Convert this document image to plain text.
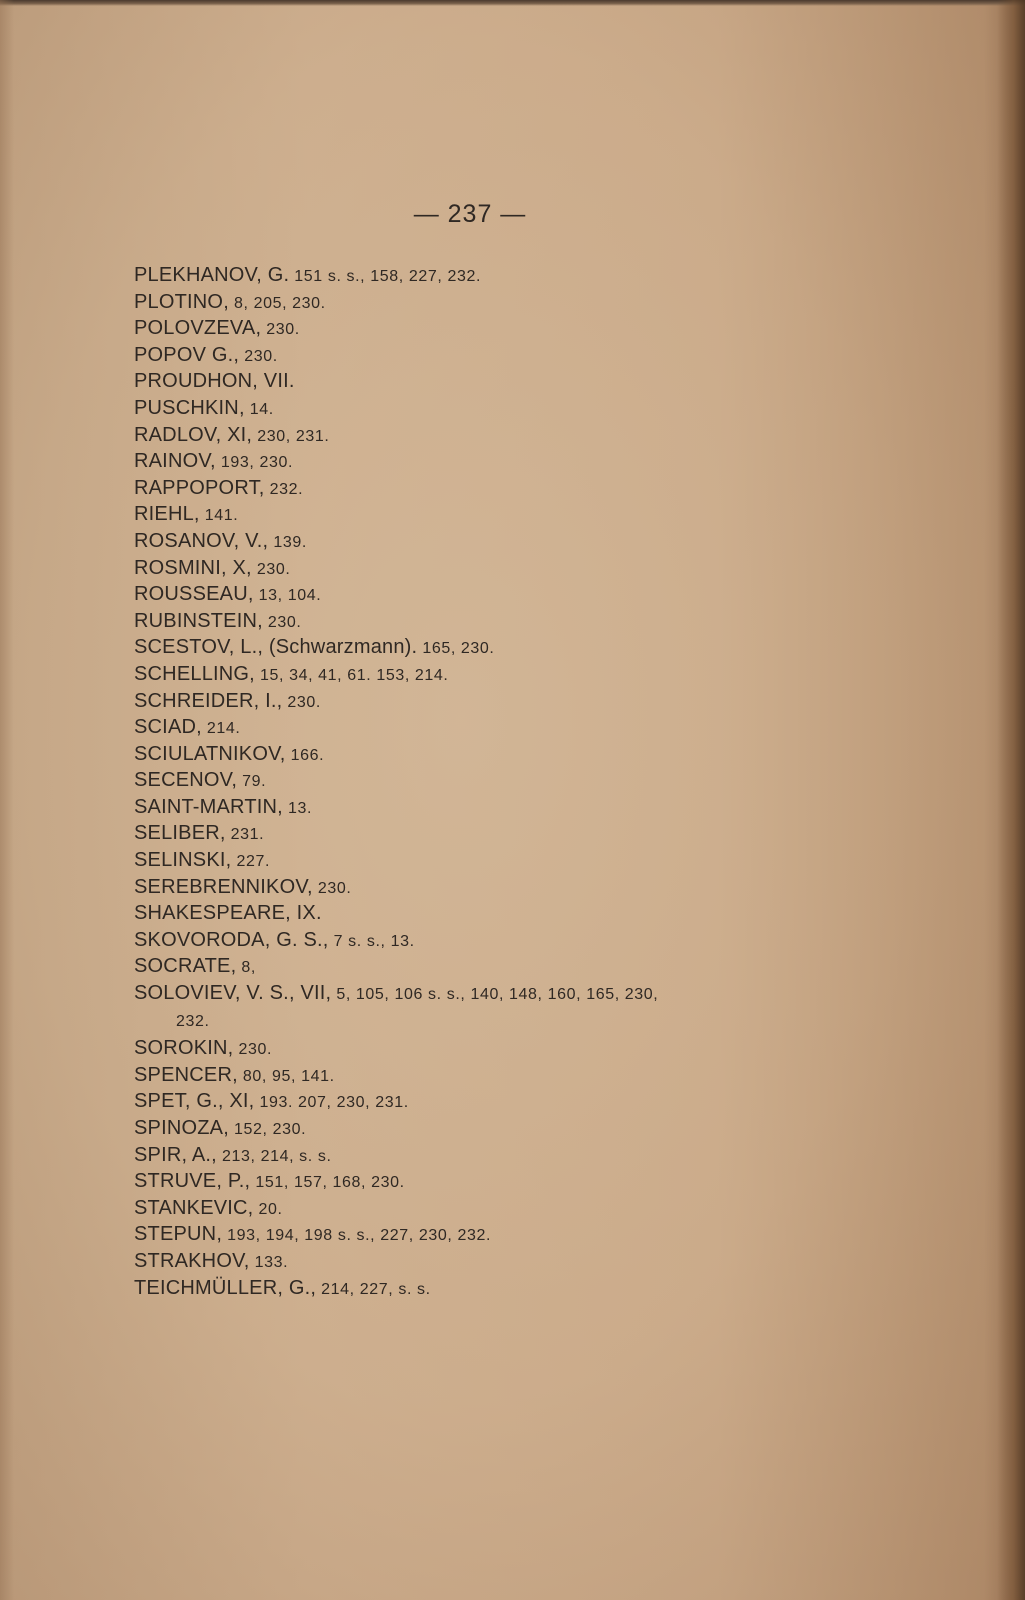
— 237 —
PLEKHANOV, G. 151 s. s., 158, 227, 232.
PLOTINO, 8, 205, 230.
POLOVZEVA, 230.
POPOV G., 230.
PROUDHON, VII.
PUSCHKIN, 14.
RADLOV, XI, 230, 231.
RAINOV, 193, 230.
RAPPOPORT, 232.
RIEHL, 141.
ROSANOV, V., 139.
ROSMINI, X, 230.
ROUSSEAU, 13, 104.
RUBINSTEIN, 230.
SCESTOV, L., (Schwarzmann). 165, 230.
SCHELLING, 15, 34, 41, 61. 153, 214.
SCHREIDER, I., 230.
SCIAD, 214.
SCIULATNIKOV, 166.
SECENOV, 79.
SAINT-MARTIN, 13.
SELIBER, 231.
SELINSKI, 227.
SEREBRENNIKOV, 230.
SHAKESPEARE, IX.
SKOVORODA, G. S., 7 s. s., 13.
SOCRATE, 8,
SOLOVIEV, V. S., VII, 5, 105, 106 s. s., 140, 148, 160, 165, 230,
232.
SOROKIN, 230.
SPENCER, 80, 95, 141.
SPET, G., XI, 193. 207, 230, 231.
SPINOZA, 152, 230.
SPIR, A., 213, 214, s. s.
STRUVE, P., 151, 157, 168, 230.
STANKEVIC, 20.
STEPUN, 193, 194, 198 s. s., 227, 230, 232.
STRAKHOV, 133.
TEICHMÜLLER, G., 214, 227, s. s.
